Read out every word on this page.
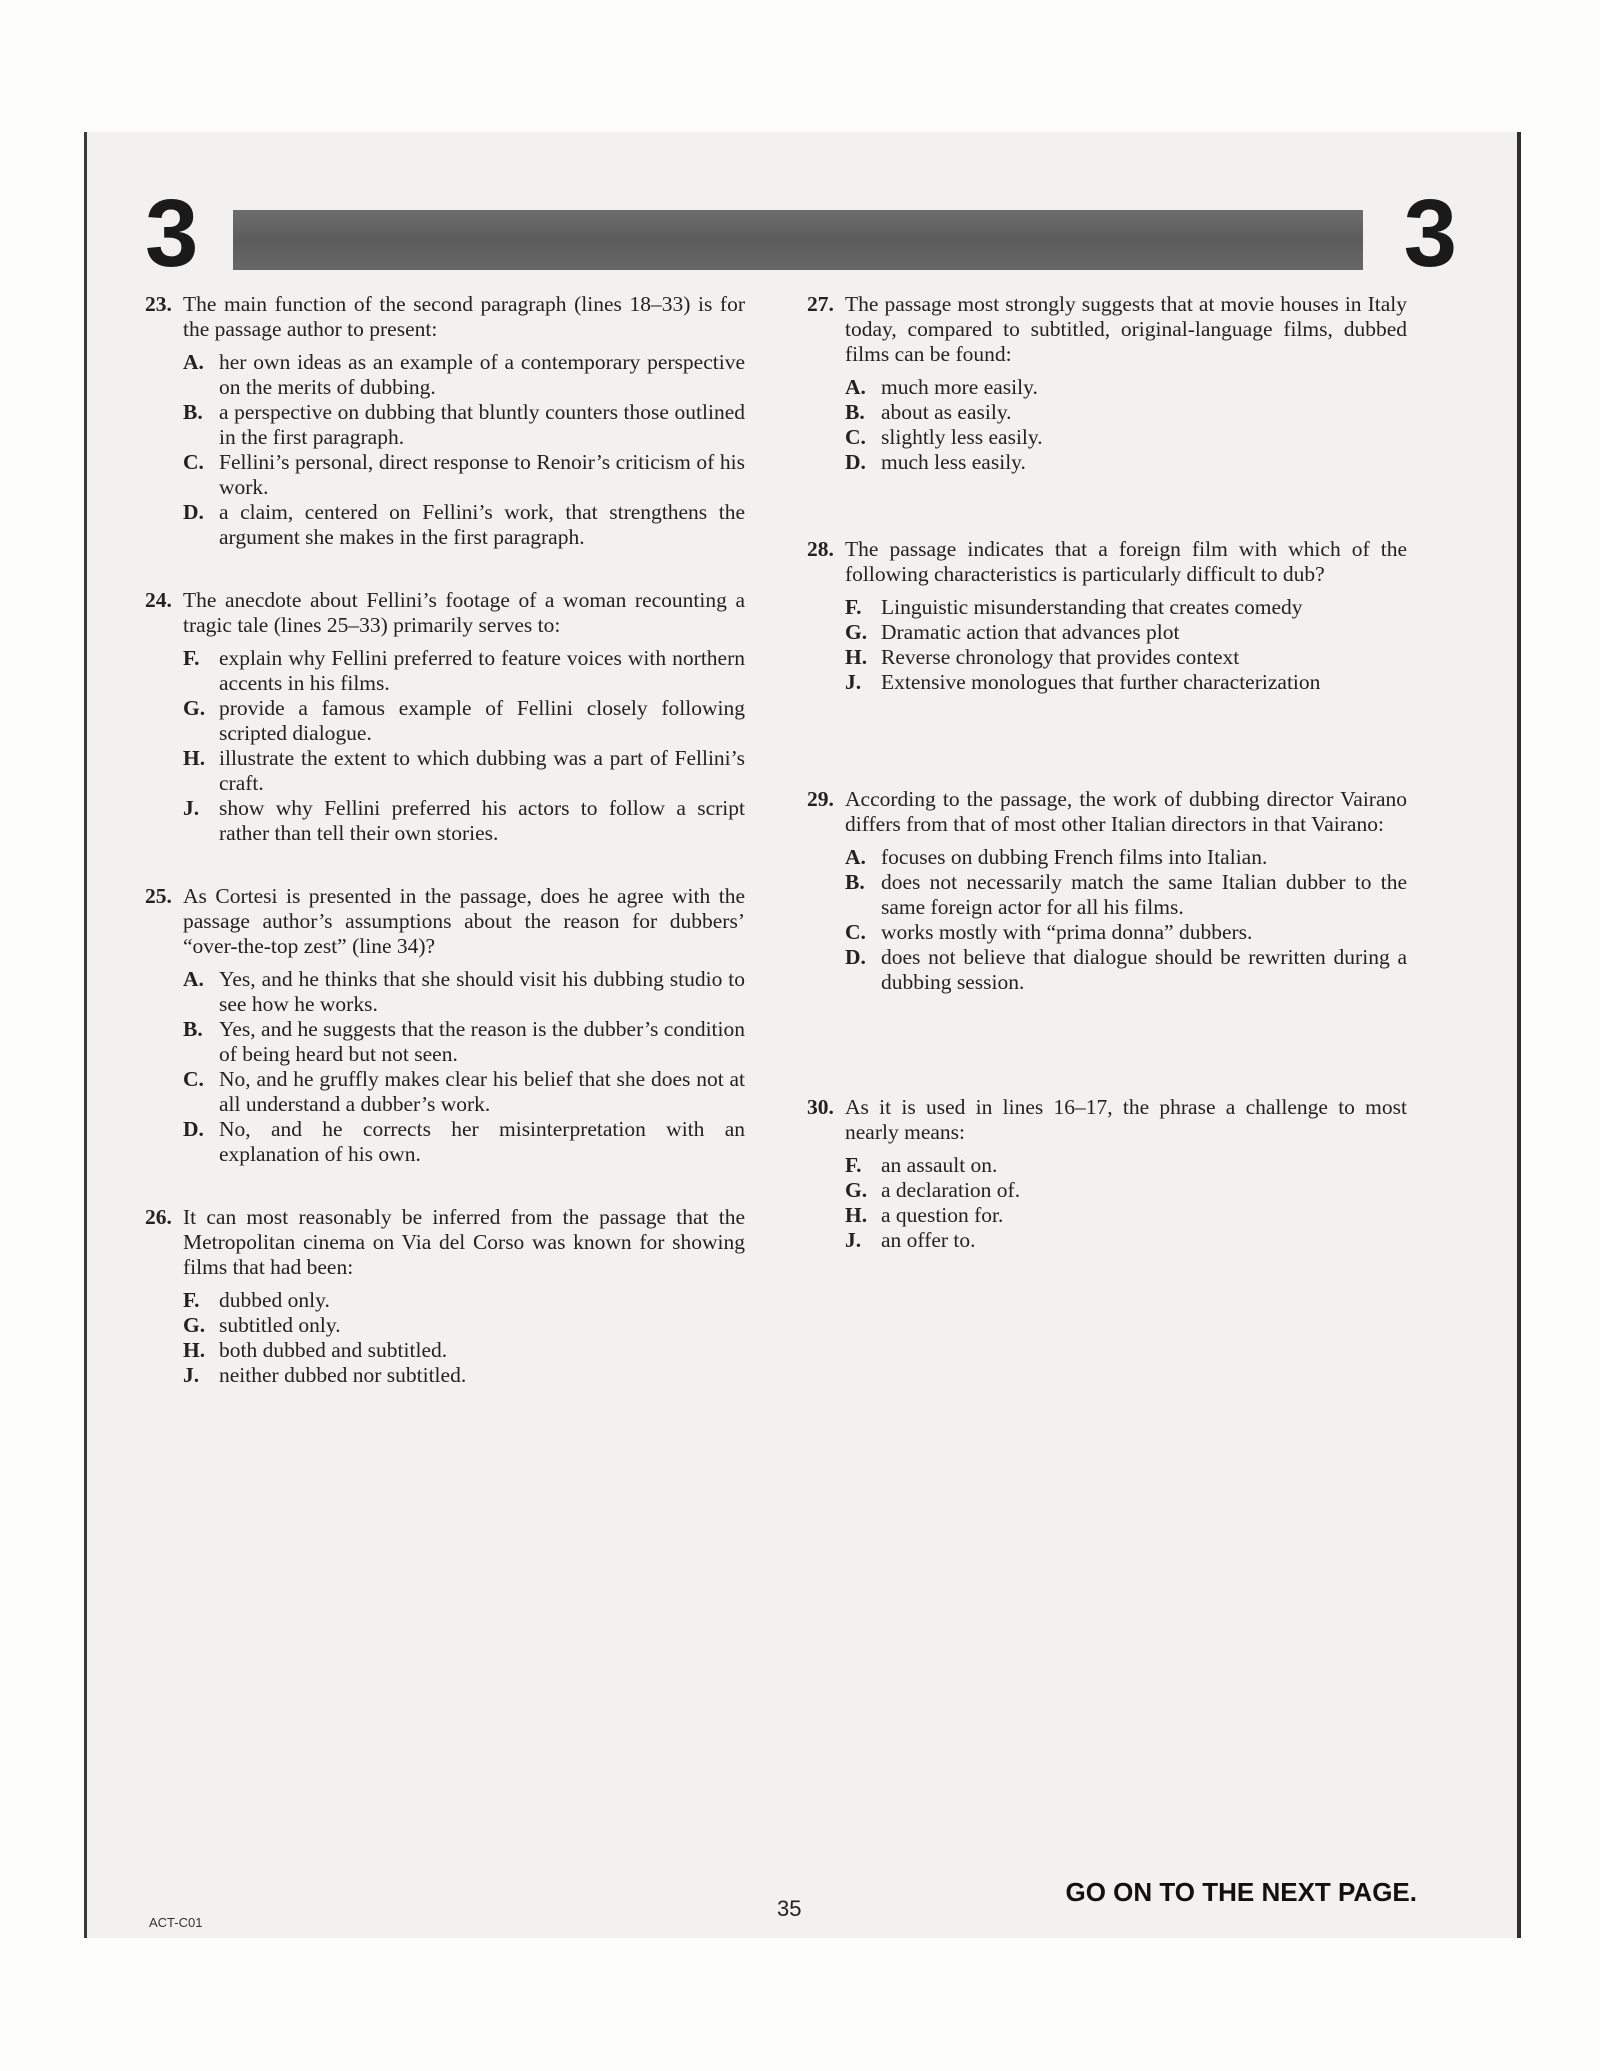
3	3
23. The main function of the second paragraph (lines 18–33) is for the passage author to present:
A. her own ideas as an example of a contemporary perspective on the merits of dubbing.
B. a perspective on dubbing that bluntly counters those outlined in the first paragraph.
C. Fellini’s personal, direct response to Renoir’s criticism of his work.
D. a claim, centered on Fellini’s work, that strengthens the argument she makes in the first paragraph.
24. The anecdote about Fellini’s footage of a woman recounting a tragic tale (lines 25–33) primarily serves to:
F. explain why Fellini preferred to feature voices with northern accents in his films.
G. provide a famous example of Fellini closely following scripted dialogue.
H. illustrate the extent to which dubbing was a part of Fellini’s craft.
J. show why Fellini preferred his actors to follow a script rather than tell their own stories.
25. As Cortesi is presented in the passage, does he agree with the passage author’s assumptions about the reason for dubbers’ “over-the-top zest” (line 34)?
A. Yes, and he thinks that she should visit his dubbing studio to see how he works.
B. Yes, and he suggests that the reason is the dubber’s condition of being heard but not seen.
C. No, and he gruffly makes clear his belief that she does not at all understand a dubber’s work.
D. No, and he corrects her misinterpretation with an explanation of his own.
26. It can most reasonably be inferred from the passage that the Metropolitan cinema on Via del Corso was known for showing films that had been:
F. dubbed only.
G. subtitled only.
H. both dubbed and subtitled.
J. neither dubbed nor subtitled.
27. The passage most strongly suggests that at movie houses in Italy today, compared to subtitled, original-language films, dubbed films can be found:
A. much more easily.
B. about as easily.
C. slightly less easily.
D. much less easily.
28. The passage indicates that a foreign film with which of the following characteristics is particularly difficult to dub?
F. Linguistic misunderstanding that creates comedy
G. Dramatic action that advances plot
H. Reverse chronology that provides context
J. Extensive monologues that further characterization
29. According to the passage, the work of dubbing director Vairano differs from that of most other Italian directors in that Vairano:
A. focuses on dubbing French films into Italian.
B. does not necessarily match the same Italian dubber to the same foreign actor for all his films.
C. works mostly with “prima donna” dubbers.
D. does not believe that dialogue should be rewritten during a dubbing session.
30. As it is used in lines 16–17, the phrase a challenge to most nearly means:
F. an assault on.
G. a declaration of.
H. a question for.
J. an offer to.
ACT-C01
35
GO ON TO THE NEXT PAGE.
